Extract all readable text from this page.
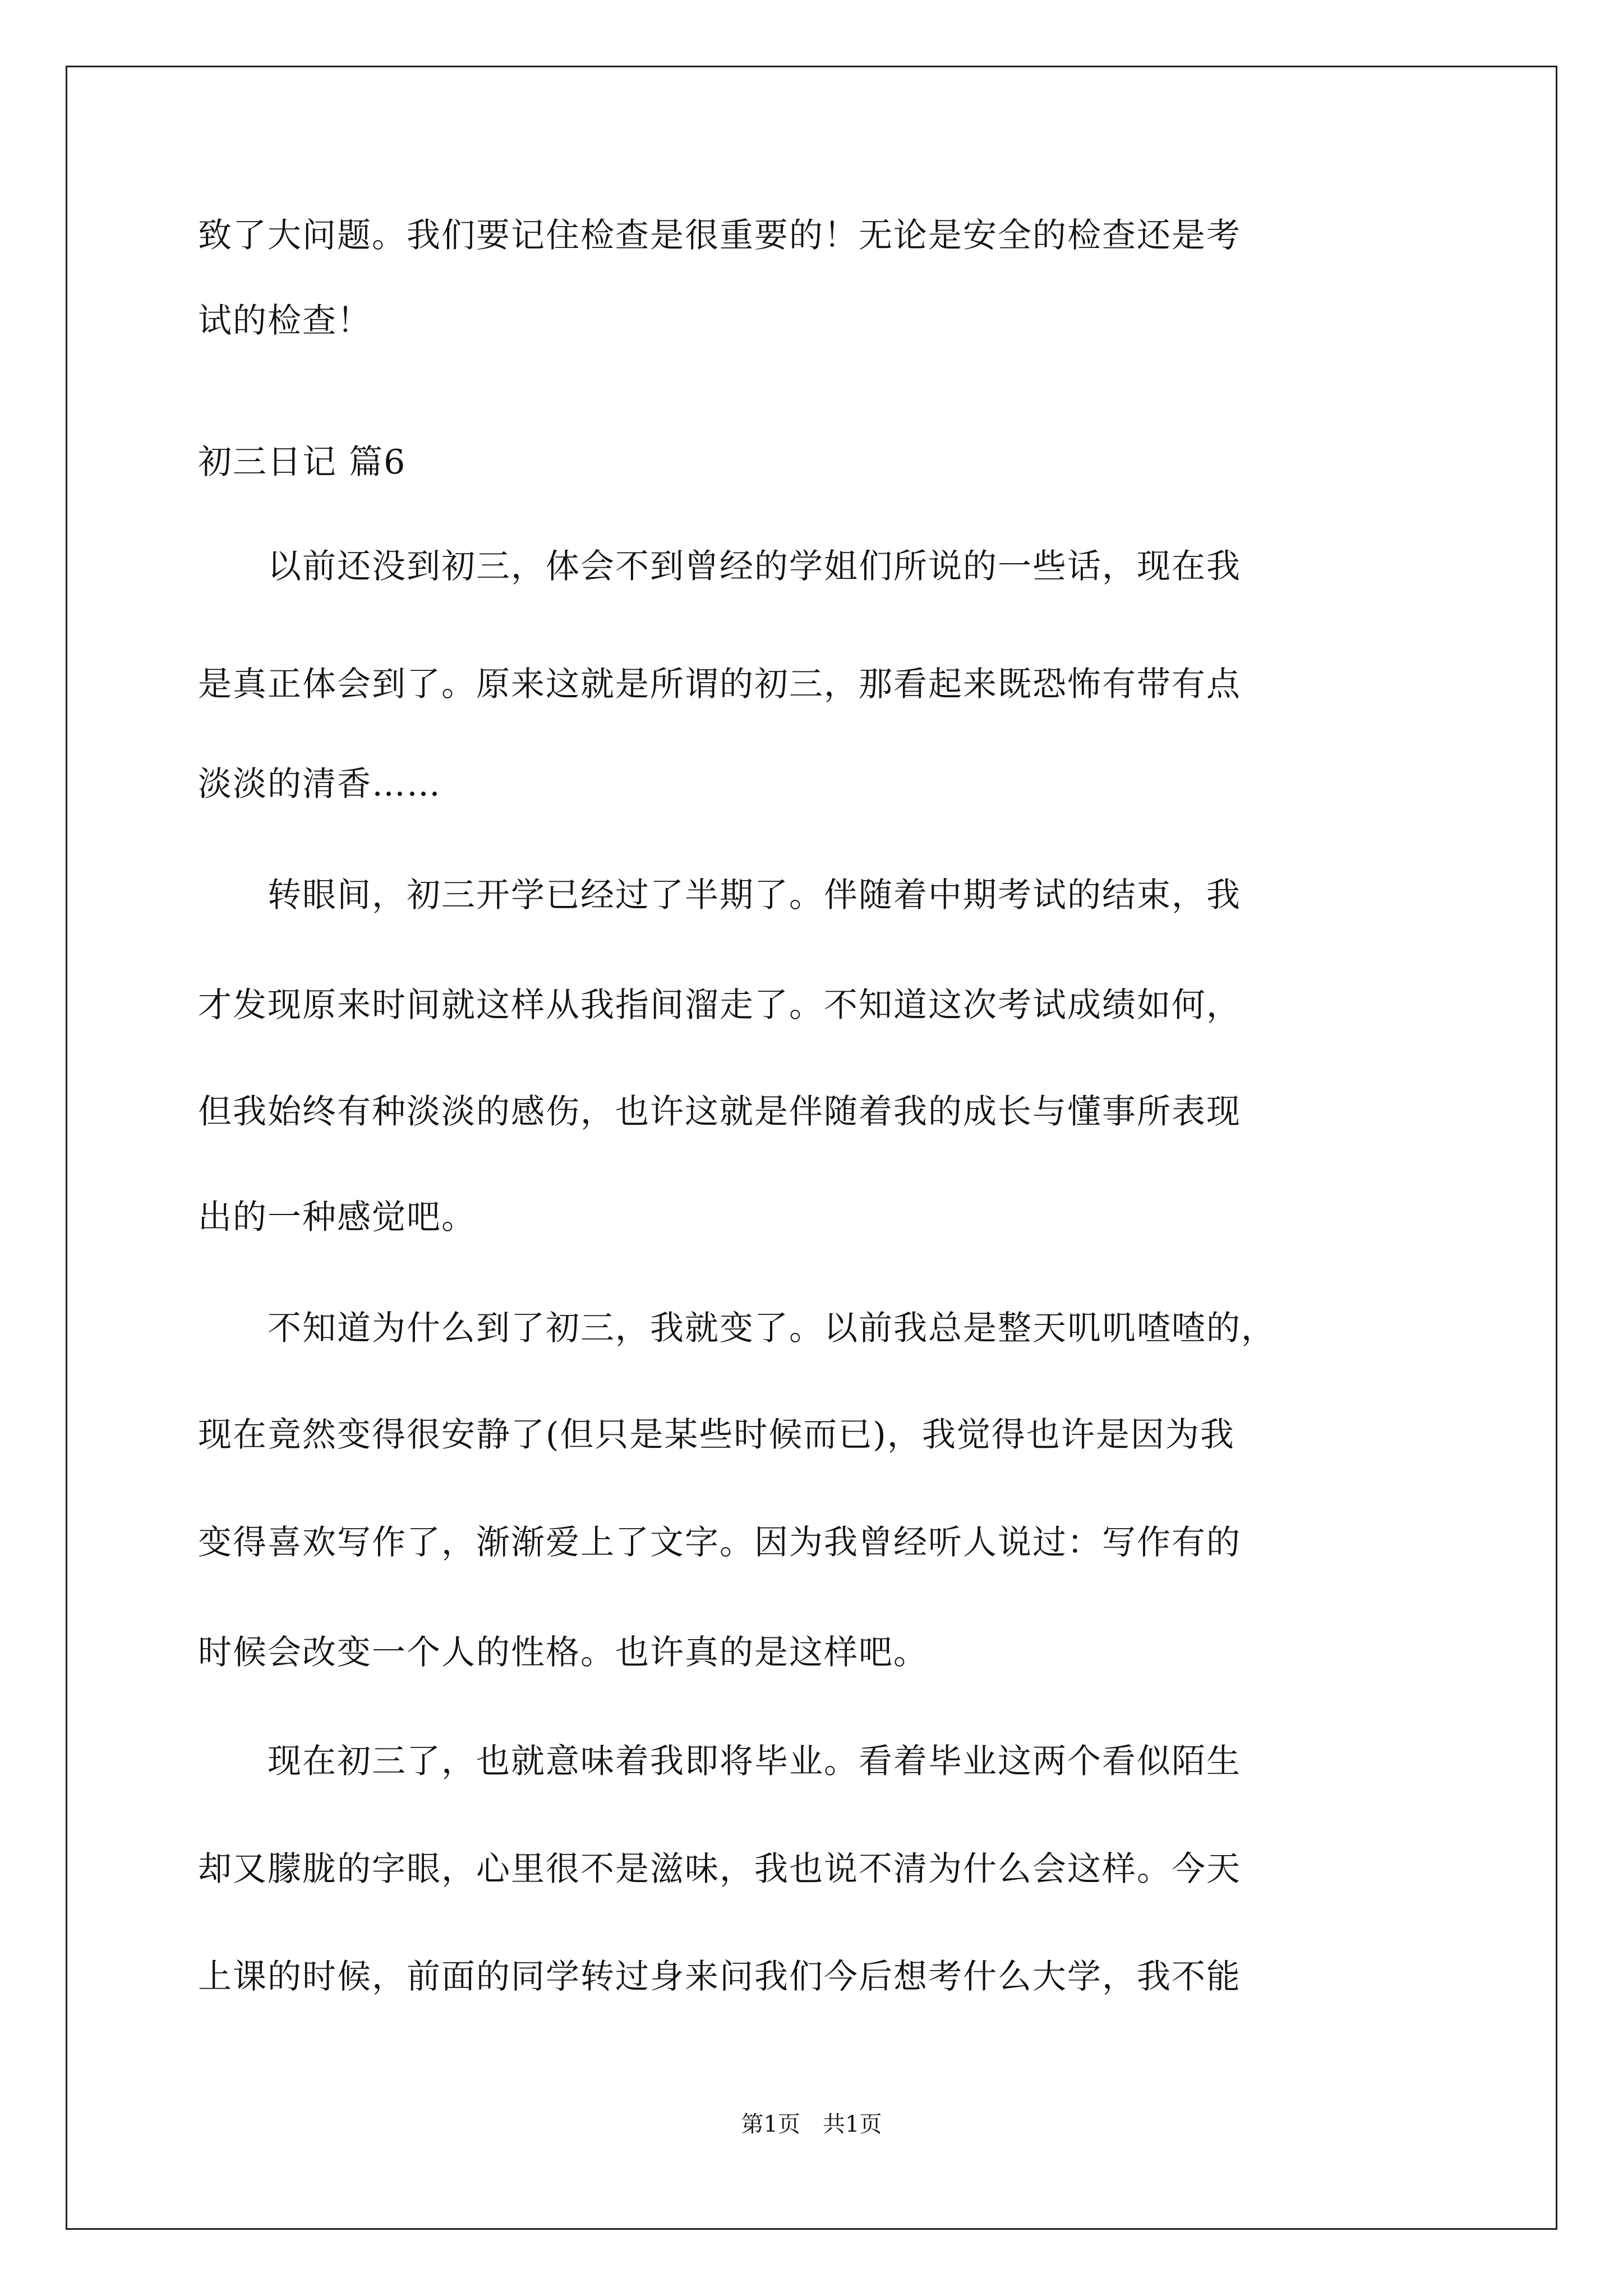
致了大问题。我们要记住检查是很重要的！无论是安全的检查还是考
试的检查！
初三日记 篇6
　　以前还没到初三，体会不到曾经的学姐们所说的一些话，现在我
是真正体会到了。原来这就是所谓的初三，那看起来既恐怖有带有点
淡淡的清香……
　　转眼间，初三开学已经过了半期了。伴随着中期考试的结束，我
才发现原来时间就这样从我指间溜走了。不知道这次考试成绩如何，
但我始终有种淡淡的感伤，也许这就是伴随着我的成长与懂事所表现
出的一种感觉吧。
　　不知道为什么到了初三，我就变了。以前我总是整天叽叽喳喳的，
现在竟然变得很安静了(但只是某些时候而已)，我觉得也许是因为我
变得喜欢写作了，渐渐爱上了文字。因为我曾经听人说过：写作有的
时候会改变一个人的性格。也许真的是这样吧。
　　现在初三了，也就意味着我即将毕业。看着毕业这两个看似陌生
却又朦胧的字眼，心里很不是滋味，我也说不清为什么会这样。今天
上课的时候，前面的同学转过身来问我们今后想考什么大学，我不能
第1页　共1页
